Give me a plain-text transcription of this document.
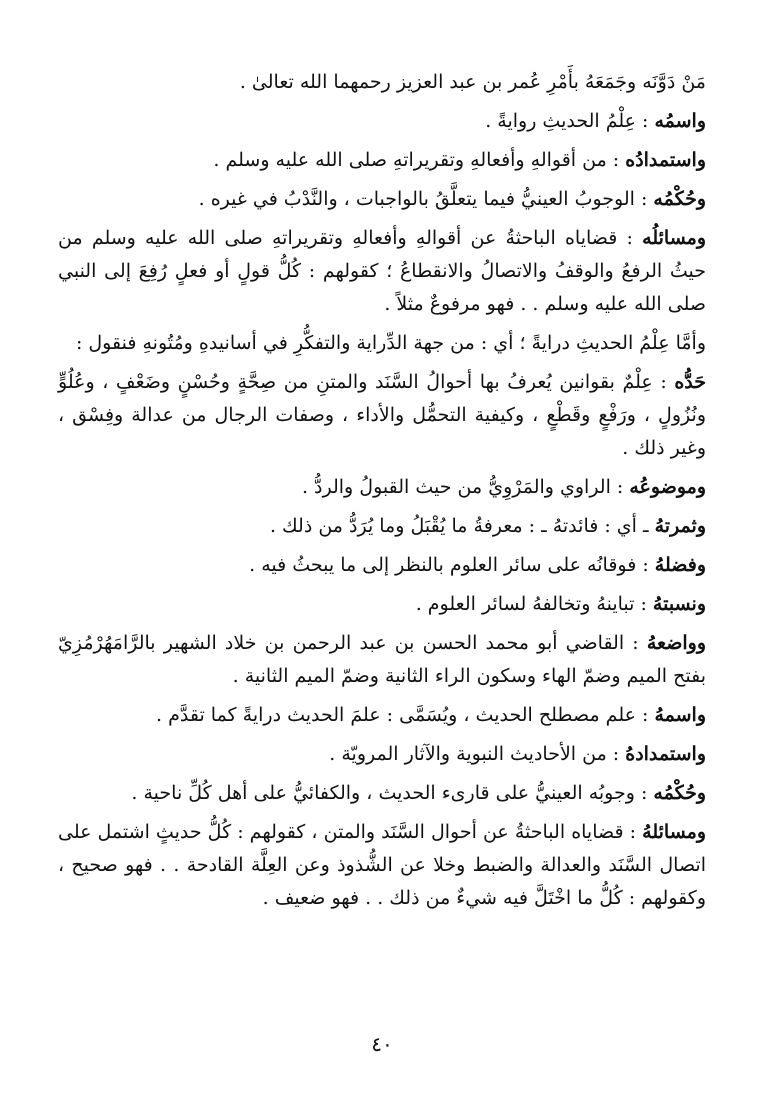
مَنْ دَوَّنَه وجَمَعَهُ بأَمْرِ عُمر بن عبد العزيز رحمهما الله تعالىٰ .

واسمُه : عِلْمُ الحديثِ روايةً .

واستمدادُه : من أقوالهِ وأفعالهِ وتقريراتهِ صلى الله عليه وسلم .

وحُكْمُه : الوجوبُ العينيُّ فيما يتعلَّقُ بالواجبات ، والنَّدْبُ في غيره .

ومسائلُه : قضاياه الباحثةُ عن أقوالهِ وأفعالهِ وتقريراتهِ صلى الله عليه وسلم من حيثُ الرفعُ والوقفُ والاتصالُ والانقطاعُ ؛ كقولهم : كُلُّ قولٍ أو فعلٍ رُفِعَ إلى النبي صلى الله عليه وسلم . . فهو مرفوعٌ مثلاً .

وأمَّا عِلْمُ الحديثِ درايةً ؛ أي : من جهة الدِّراية والتفكُّرِ في أسانيدهِ ومُتُونهِ فنقول :

حَدُّه : عِلْمٌ بقوانين يُعرفُ بها أحوالُ السَّنَد والمتنِ من صِحَّةٍ وحُسْنٍ وضَعْفٍ ، وعُلُوٍّ ونُزُولٍ ، ورَفْعٍ وقَطْعٍ ، وكيفية التحمُّل والأداء ، وصفات الرجال من عدالة وفِسْق ، وغير ذلك .

وموضوعُه : الراوي والمَرْوِيُّ من حيث القبولُ والردُّ .

وثمرتهُ ـ أي : فائدتهُ ـ : معرفةُ ما يُقْبَلُ وما يُرَدُّ من ذلك .

وفضلهُ : فوقانُه على سائر العلوم بالنظر إلى ما يبحثُ فيه .

ونسبتهُ : تباينهُ وتخالفهُ لسائر العلوم .

وواضعهُ : القاضي أبو محمد الحسن بن عبد الرحمن بن خلاد الشهير بالرَّامَهُرْمُزِيّ بفتح الميم وضمّ الهاء وسكون الراء الثانية وضمّ الميم الثانية .

واسمهُ : علم مصطلح الحديث ، ويُسَمَّى : علمَ الحديث درايةً كما تقدَّم .

واستمدادهُ : من الأحاديث النبوية والآثار المرويّة .

وحُكْمُه : وجوبُه العينيُّ على قارىء الحديث ، والكفائيُّ على أهل كُلِّ ناحية .

ومسائلهُ : قضاياه الباحثةُ عن أحوال السَّنَد والمتن ، كقولهم : كُلُّ حديثٍ اشتمل على اتصال السَّنَد والعدالة والضبط وخلا عن الشُّذوذ وعن العِلَّة القادحة . . فهو صحيح ، وكقولهم : كُلُّ ما اخْتَلَّ فيه شيءٌ من ذلك . . فهو ضعيف .

٤٠
